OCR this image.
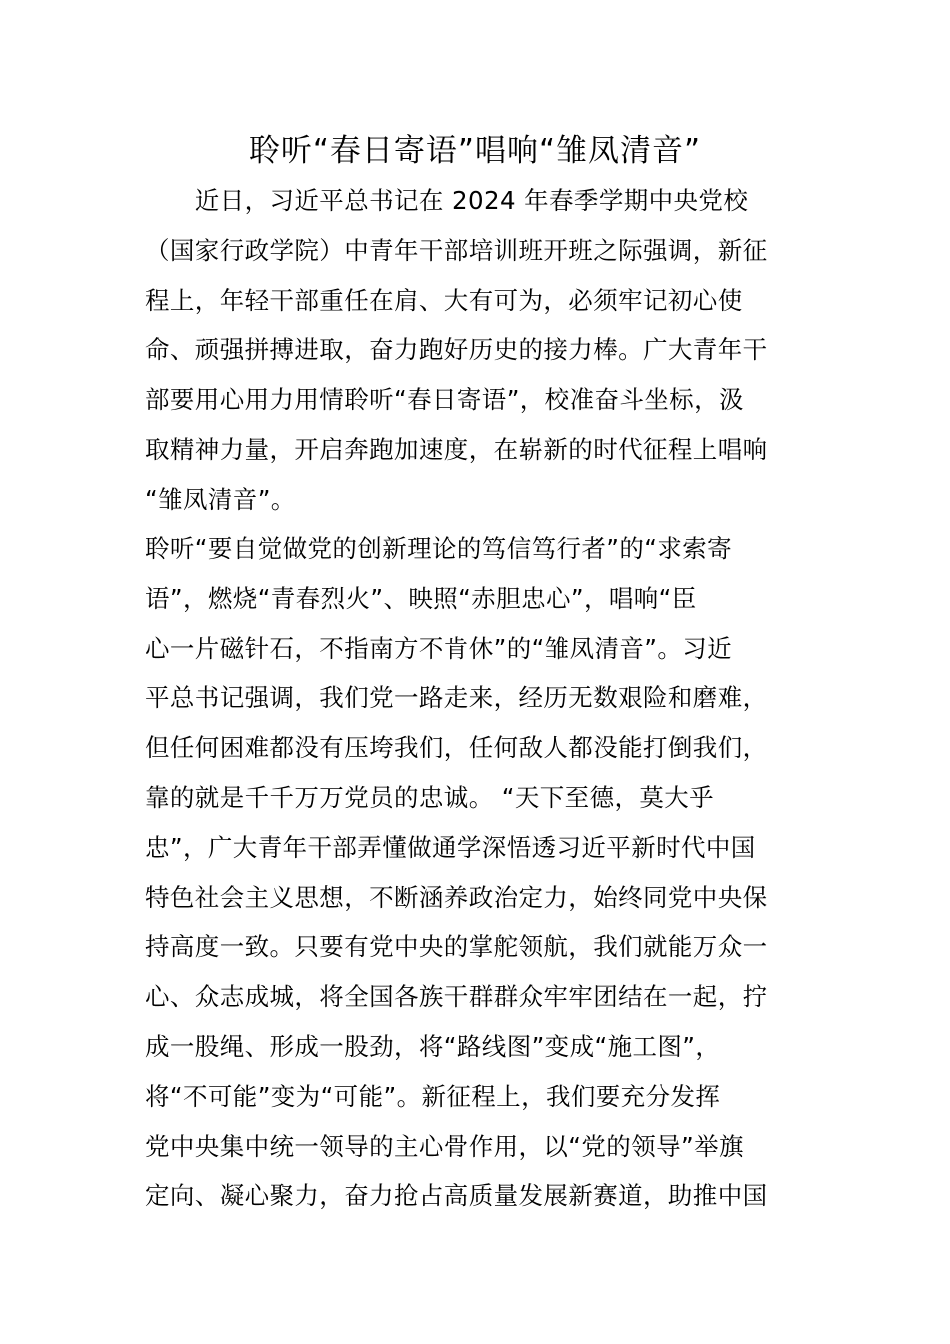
聆听“春日寄语”唱响“雏凤清音”
　　近日，习近平总书记在 2024 年春季学期中央党校
（国家行政学院）中青年干部培训班开班之际强调，新征
程上，年轻干部重任在肩、大有可为，必须牢记初心使
命、顽强拼搏进取，奋力跑好历史的接力棒。广大青年干
部要用心用力用情聆听“春日寄语”，校准奋斗坐标，汲
取精神力量，开启奔跑加速度，在崭新的时代征程上唱响
“雏凤清音”。
聆听“要自觉做党的创新理论的笃信笃行者”的“求索寄
语”，燃烧“青春烈火”、映照“赤胆忠心”，唱响“臣
心一片磁针石，不指南方不肯休”的“雏凤清音”。习近
平总书记强调，我们党一路走来，经历无数艰险和磨难，
但任何困难都没有压垮我们，任何敌人都没能打倒我们，
靠的就是千千万万党员的忠诚。 “天下至德，莫大乎
忠”，广大青年干部弄懂做通学深悟透习近平新时代中国
特色社会主义思想，不断涵养政治定力，始终同党中央保
持高度一致。只要有党中央的掌舵领航，我们就能万众一
心、众志成城，将全国各族干群群众牢牢团结在一起，拧
成一股绳、形成一股劲，将“路线图”变成“施工图”，
将“不可能”变为“可能”。新征程上，我们要充分发挥
党中央集中统一领导的主心骨作用，以“党的领导”举旗
定向、凝心聚力，奋力抢占高质量发展新赛道，助推中国
